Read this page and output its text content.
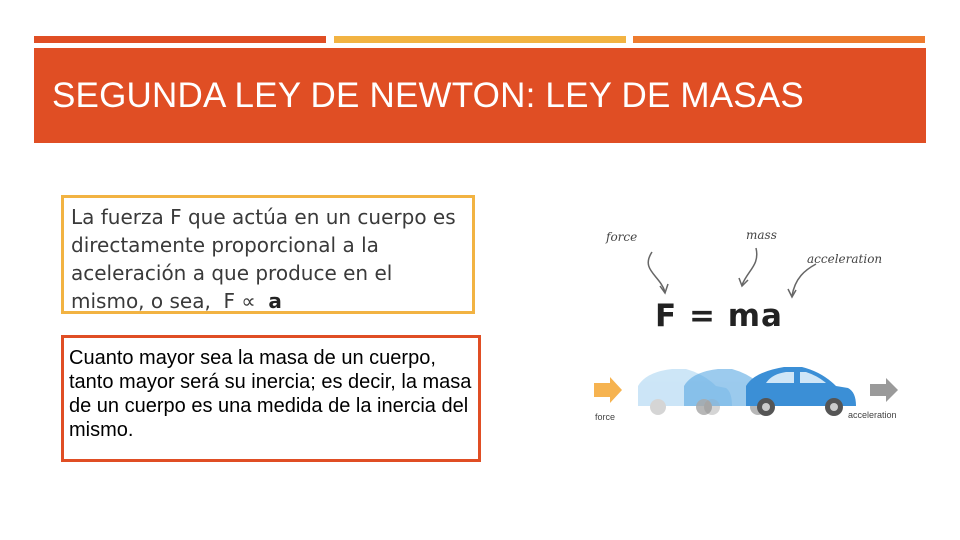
SEGUNDA LEY DE NEWTON: LEY DE MASAS
La fuerza F que actúa en un cuerpo es directamente proporcional a la aceleración a que produce en el mismo, o sea, F ∝ a
Cuanto mayor sea la masa de un cuerpo, tanto mayor será su inercia; es decir, la masa de un cuerpo es una medida de la inercia del mismo.
force	mass
acceleration
F = ma
force	acceleration
